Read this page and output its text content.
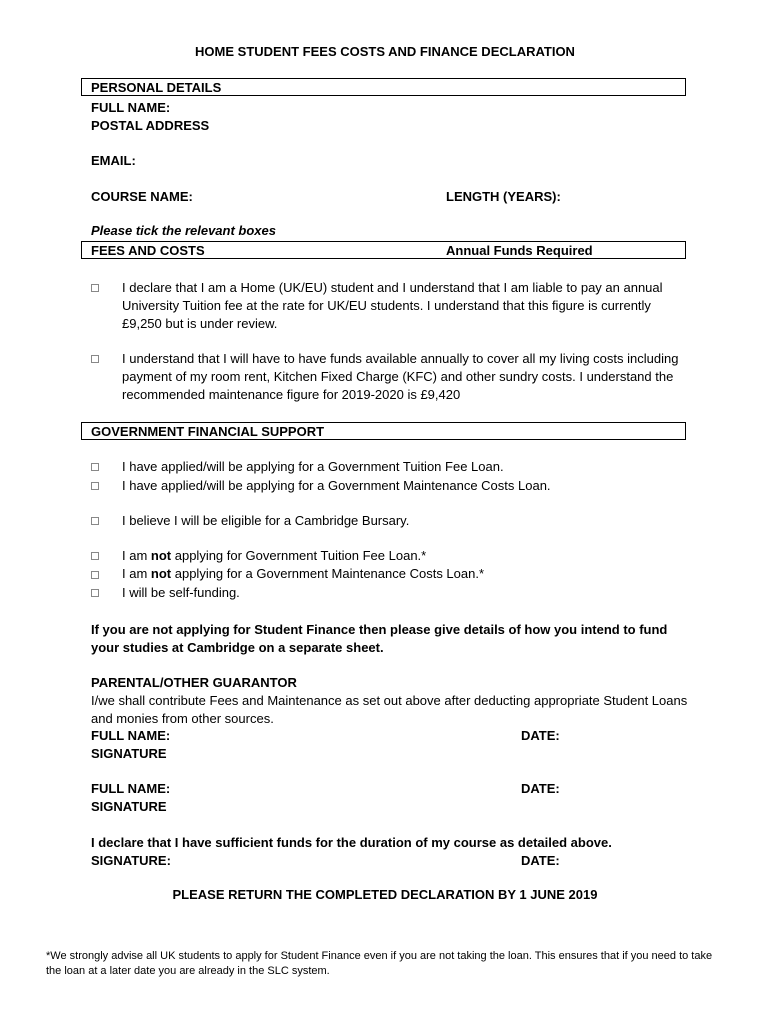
HOME STUDENT FEES COSTS AND FINANCE DECLARATION
PERSONAL DETAILS
FULL NAME:
POSTAL ADDRESS
EMAIL:
COURSE NAME:	LENGTH (YEARS):
Please tick the relevant boxes
FEES AND COSTS	Annual Funds Required
I declare that I am a Home (UK/EU) student and I understand that I am liable to pay an annual University Tuition fee at the rate for UK/EU students. I understand that this figure is currently £9,250 but is under review.
I understand that I will have to have funds available annually to cover all my living costs including payment of my room rent, Kitchen Fixed Charge (KFC) and other sundry costs. I understand the recommended maintenance figure for 2019-2020 is £9,420
GOVERNMENT FINANCIAL SUPPORT
I have applied/will be applying for a Government Tuition Fee Loan.
I have applied/will be applying for a Government Maintenance Costs Loan.
I believe I will be eligible for a Cambridge Bursary.
I am not applying for Government Tuition Fee Loan.*
I am not applying for a Government Maintenance Costs Loan.*
I will be self-funding.
If you are not applying for Student Finance then please give details of how you intend to fund your studies at Cambridge on a separate sheet.
PARENTAL/OTHER GUARANTOR
I/we shall contribute Fees and Maintenance as set out above after deducting appropriate Student Loans and monies from other sources.
FULL NAME:	DATE:
SIGNATURE
FULL NAME:	DATE:
SIGNATURE
I declare that I have sufficient funds for the duration of my course as detailed above.
SIGNATURE:	DATE:
PLEASE RETURN THE COMPLETED DECLARATION BY 1 JUNE 2019
*We strongly advise all UK students to apply for Student Finance even if you are not taking the loan. This ensures that if you need to take the loan at a later date you are already in the SLC system.
